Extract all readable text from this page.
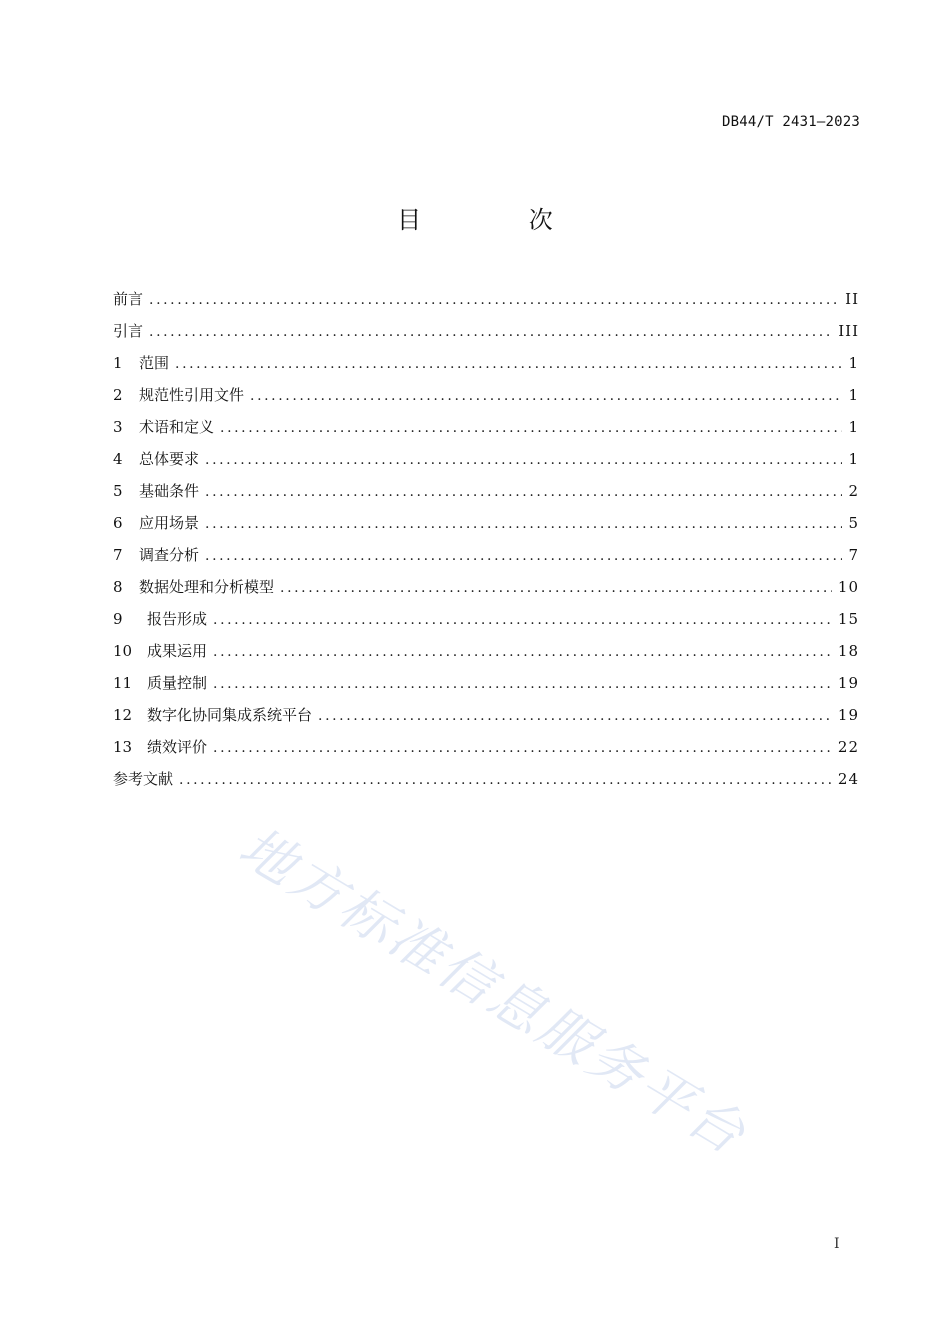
DB44/T 2431—2023
目 次
前言 .....	II
引言 .....	III
1	范围 .....	1
2	规范性引用文件 .....	1
3	术语和定义 .....	1
4	总体要求 .....	1
5	基础条件 .....	2
6	应用场景 .....	5
7	调查分析 .....	7
8	数据处理和分析模型 .....	10
9	报告形成 .....	15
10 成果运用 .....	18
11 质量控制 .....	19
12 数字化协同集成系统平台 .....	19
13 绩效评价 .....	22
参考文献 .....	24
地方标准信息服务平台
I
